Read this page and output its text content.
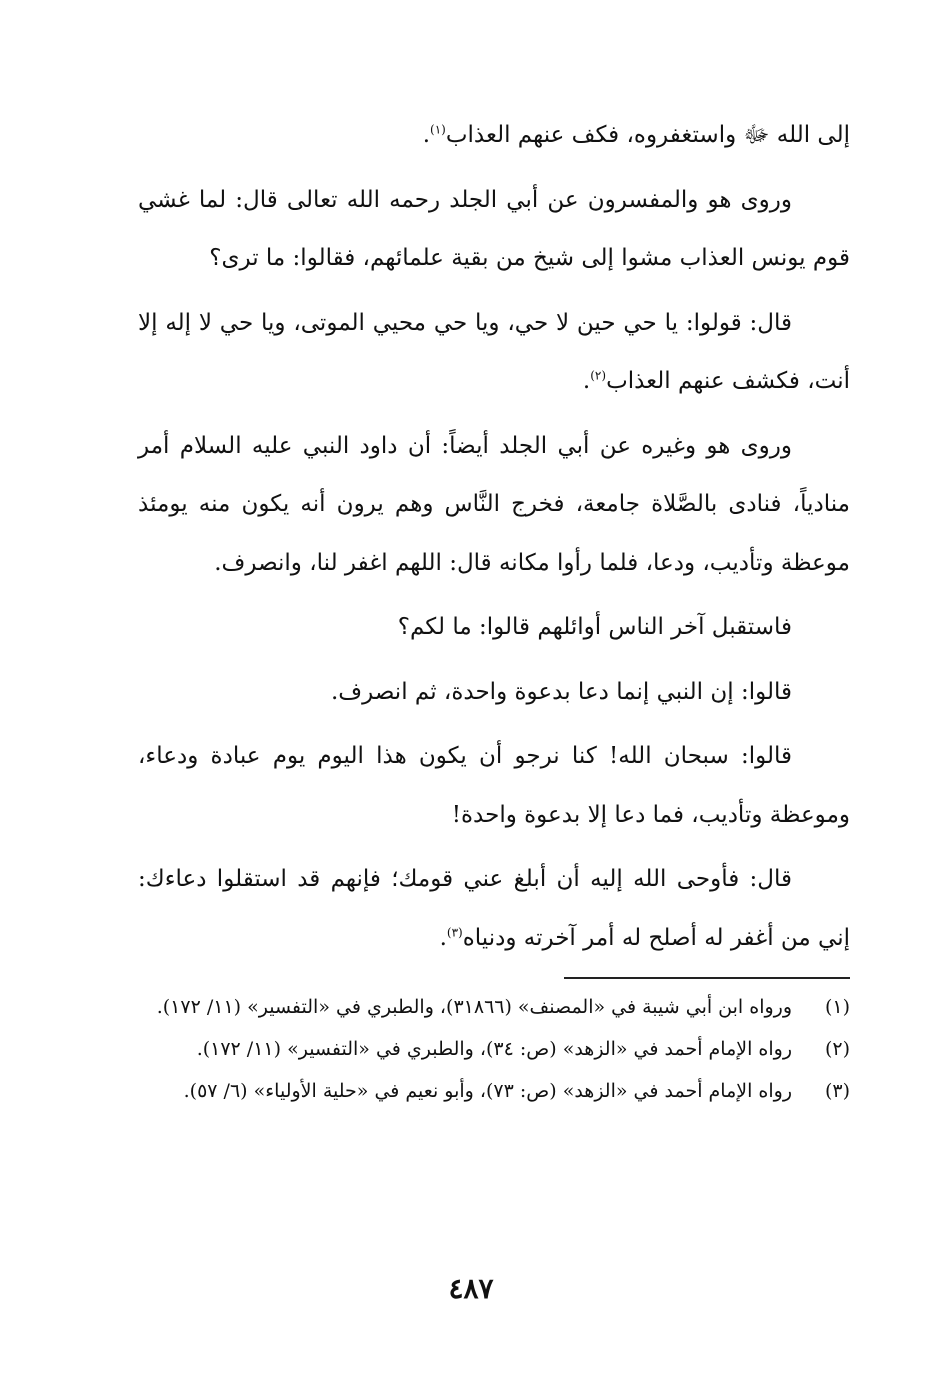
إلى الله ﷻ واستغفروه، فكف عنهم العذاب$^{(١)}$.

وروى هو والمفسرون عن أبي الجلد رحمه الله تعالى قال: لما غشي قوم يونس العذاب مشوا إلى شيخ من بقية علمائهم، فقالوا: ما ترى؟

قال: قولوا: يا حي حين لا حي، ويا حي محيي الموتى، ويا حي لا إله إلا أنت، فكشف عنهم العذاب$^{(٢)}$.

وروى هو وغيره عن أبي الجلد أيضاً: أن داود النبي عليه السلام أمر منادياً، فنادى بالصَّلاة جامعة، فخرج النَّاس وهم يرون أنه يكون منه يومئذ موعظة وتأديب، ودعا، فلما رأوا مكانه قال: اللهم اغفر لنا، وانصرف.

فاستقبل آخر الناس أوائلهم قالوا: ما لكم؟

قالوا: إن النبي إنما دعا بدعوة واحدة، ثم انصرف.

قالوا: سبحان الله! كنا نرجو أن يكون هذا اليوم يوم عبادة ودعاء، وموعظة وتأديب، فما دعا إلا بدعوة واحدة!

قال: فأوحى الله إليه أن أبلغ عني قومك؛ فإنهم قد استقلوا دعاءك: إني من أغفر له أصلح له أمر آخرته ودنياه$^{(٣)}$.

(١)
ورواه ابن أبي شيبة في «المصنف» (٣١٨٦٦)، والطبري في «التفسير» (١١/ ١٧٢).

(٢)
رواه الإمام أحمد في «الزهد» (ص: ٣٤)، والطبري في «التفسير» (١١/ ١٧٢).

(٣)
رواه الإمام أحمد في «الزهد» (ص: ٧٣)، وأبو نعيم في «حلية الأولياء» (٦/ ٥٧).

٤٨٧
